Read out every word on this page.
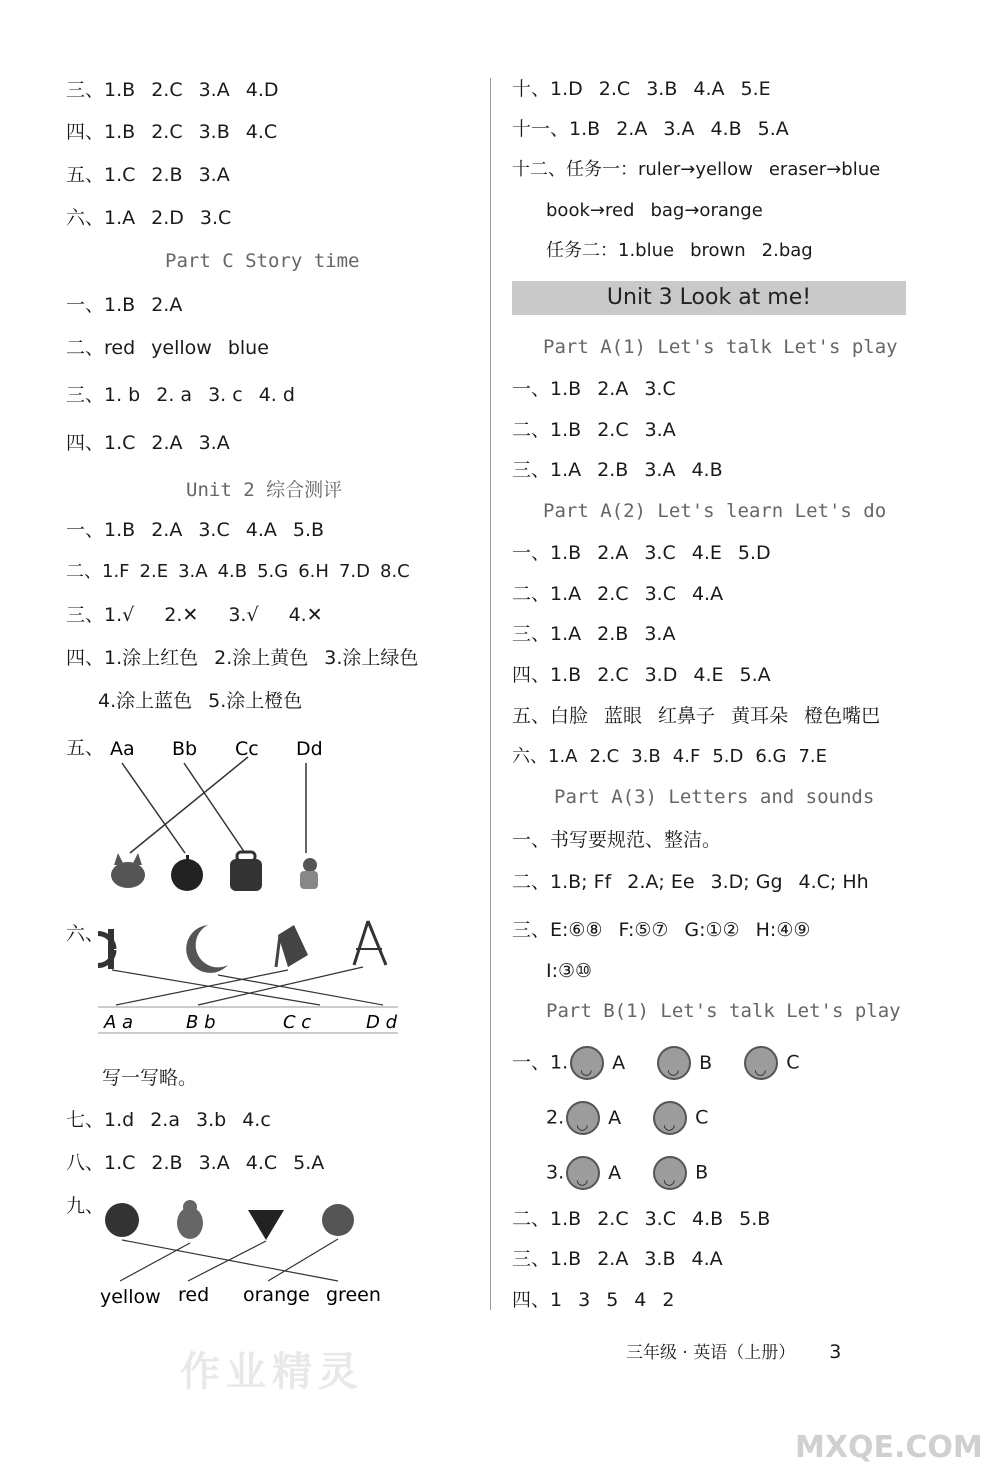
作业精灵
MXQE.COM
三、1.B 2.C 3.A 4.D
四、1.B 2.C 3.B 4.C
五、1.C 2.B 3.A
六、1.A 2.D 3.C
Part C Story time
一、1.B 2.A
二、red yellow blue
三、1. b 2. a 3. c 4. d
四、1.C 2.A 3.A
Unit 2 综合测评
一、1.B 2.A 3.C 4.A 5.B
二、1.F 2.E 3.A 4.B 5.G 6.H 7.D 8.C
三、1.√ 2.✕ 3.√ 4.✕
四、1.涂上红色 2.涂上黄色 3.涂上绿色
4.涂上蓝色 5.涂上橙色
五、 Aa Bb Cc Dd
六、
A a	B b	C c	D d
写一写略。
七、1.d 2.a 3.b 4.c
八、1.C 2.B 3.A 4.C 5.A
九、
yellow red orange green
十、1.D 2.C 3.B 4.A 5.E
十一、1.B 2.A 3.A 4.B 5.A
十二、任务一：ruler→yellow eraser→blue
book→red bag→orange
任务二：1.blue brown 2.bag
Unit 3 Look at me!
Part A(1) Let's talk Let's play
一、1.B 2.A 3.C
二、1.B 2.C 3.A
三、1.A 2.B 3.A 4.B
Part A(2) Let's learn Let's do
一、1.B 2.A 3.C 4.E 5.D
二、1.A 2.C 3.C 4.A
三、1.A 2.B 3.A
四、1.B 2.C 3.D 4.E 5.A
五、白脸 蓝眼 红鼻子 黄耳朵 橙色嘴巴
六、1.A 2.C 3.B 4.F 5.D 6.G 7.E
Part A(3) Letters and sounds
一、书写要规范、整洁。
二、1.B; Ff 2.A; Ee 3.D; Gg 4.C; Hh
三、E:⑥⑧ F:⑤⑦ G:①② H:④⑨
I:③⑩
Part B(1) Let's talk Let's play
一、1. ◡ A ◡	B ◡	C
2. ◡ A ◡	C
3. ◡ A ◡	B
二、1.B 2.C 3.C 4.B 5.B
三、1.B 2.A 3.B 4.A
四、1 3 5 4 2
三年级 · 英语（上册） 3
